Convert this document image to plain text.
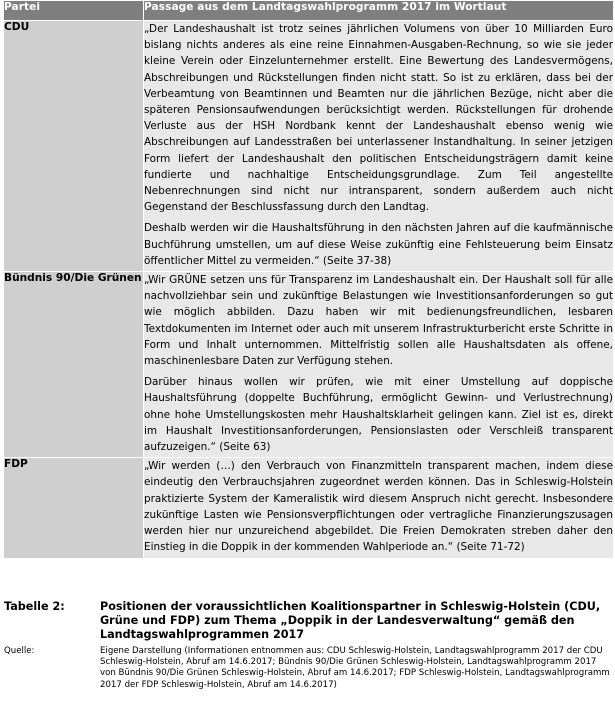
Partei	Passage aus dem Landtagswahlprogramm 2017 im Wortlaut
CDU	„Der Landeshaushalt ist trotz seines jährlichen Volumens von über 10 Milliarden Euro bislang nichts anderes als eine reine Einnahmen-Ausgaben-Rechnung, so wie sie jeder kleine Verein oder Einzelunternehmer erstellt. Eine Bewertung des Landesvermögens, Abschreibungen und Rückstellungen finden nicht statt. So ist zu erklären, dass bei der Verbeamtung von Beamtinnen und Beamten nur die jährlichen Bezüge, nicht aber die späteren Pensionsaufwendungen berücksichtigt werden. Rückstellungen für drohende Verluste aus der HSH Nordbank kennt der Landeshaushalt ebenso wenig wie Abschreibungen auf Landesstraßen bei unterlassener Instandhaltung. In seiner jetzigen Form liefert der Landeshaushalt den politischen Entscheidungsträgern damit keine fundierte und nachhaltige Entscheidungsgrundlage. Zum Teil angestellte Nebenrechnungen sind nicht nur intransparent, sondern außerdem auch nicht Gegenstand der Beschlussfassung durch den Landtag.

Deshalb werden wir die Haushaltsführung in den nächsten Jahren auf die kaufmännische Buchführung umstellen, um auf diese Weise zukünftig eine Fehlsteuerung beim Einsatz öffentlicher Mittel zu vermeiden.“ (Seite 37-38)

Bündnis 90/Die Grünen	„Wir GRÜNE setzen uns für Transparenz im Landeshaushalt ein. Der Haushalt soll für alle nachvollziehbar sein und zukünftige Belastungen wie Investitionsanforderungen so gut wie möglich abbilden. Dazu haben wir mit bedienungsfreundlichen, lesbaren Textdokumenten im Internet oder auch mit unserem Infrastrukturbericht erste Schritte in Form und Inhalt unternommen. Mittelfristig sollen alle Haushaltsdaten als offene, maschinenlesbare Daten zur Verfügung stehen.

Darüber hinaus wollen wir prüfen, wie mit einer Umstellung auf doppische Haushaltsführung (doppelte Buchführung, ermöglicht Gewinn- und Verlustrechnung) ohne hohe Umstellungskosten mehr Haushaltsklarheit gelingen kann. Ziel ist es, direkt im Haushalt Investitionsanforderungen, Pensionslasten oder Verschleiß transparent aufzuzeigen.“ (Seite 63)

FDP	„Wir werden (…) den Verbrauch von Finanzmitteln transparent machen, indem diese eindeutig den Verbrauchsjahren zugeordnet werden können. Das in Schleswig-Holstein praktizierte System der Kameralistik wird diesem Anspruch nicht gerecht. Insbesondere zukünftige Lasten wie Pensionsverpflichtungen oder vertragliche Finanzierungszusagen werden hier nur unzureichend abgebildet. Die Freien Demokraten streben daher den Einstieg in die Doppik in der kommenden Wahlperiode an.“ (Seite 71-72)

Tabelle 2:	Positionen der voraussichtlichen Koalitionspartner in Schleswig-Holstein (CDU, Grüne und FDP) zum Thema „Doppik in der Landesverwaltung“ gemäß den Landtagswahlprogrammen 2017
Quelle:	Eigene Darstellung (Informationen entnommen aus: CDU Schleswig-Holstein, Landtagswahlprogramm 2017 der CDU Schleswig-Holstein, Abruf am 14.6.2017; Bündnis 90/Die Grünen Schleswig-Holstein, Landtagswahlprogramm 2017 von Bündnis 90/Die Grünen Schleswig-Holstein, Abruf am 14.6.2017; FDP Schleswig-Holstein, Landtagswahlprogramm 2017 der FDP Schleswig-Holstein, Abruf am 14.6.2017)
